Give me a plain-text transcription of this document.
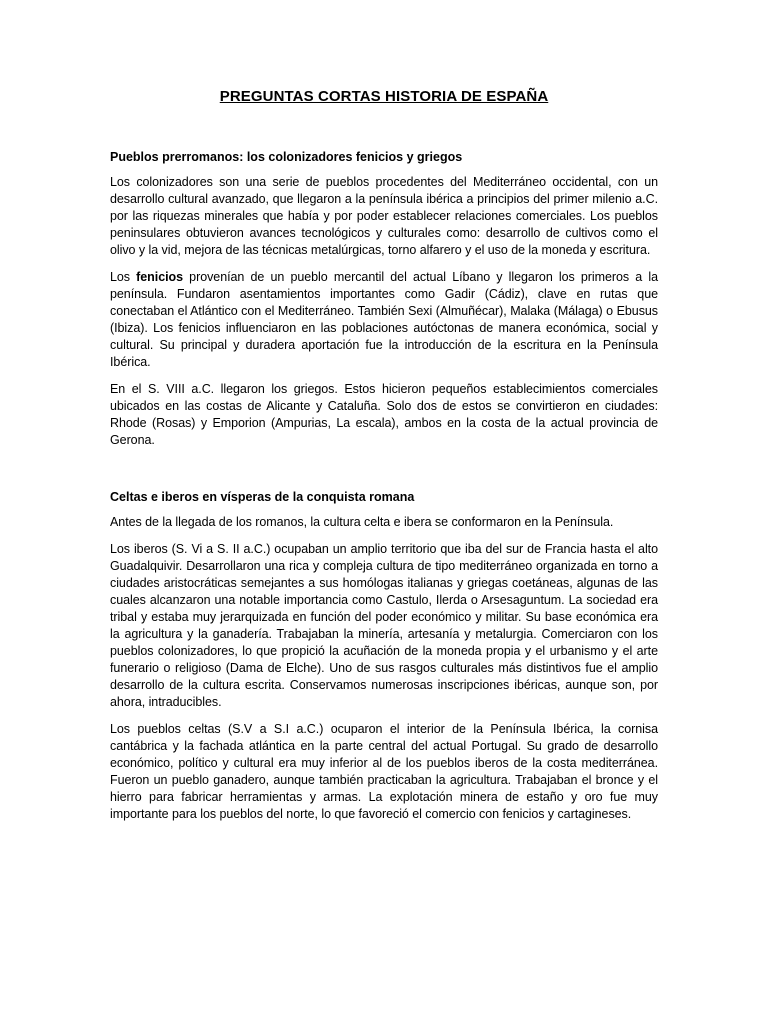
PREGUNTAS CORTAS HISTORIA DE ESPAÑA

Pueblos prerromanos: los colonizadores fenicios y griegos

Los colonizadores son una serie de pueblos procedentes del Mediterráneo occidental, con un desarrollo cultural avanzado, que llegaron a la península ibérica a principios del primer milenio a.C. por las riquezas minerales que había y por poder establecer relaciones comerciales. Los pueblos peninsulares obtuvieron avances tecnológicos y culturales como: desarrollo de cultivos como el olivo y la vid, mejora de las técnicas metalúrgicas, torno alfarero y el uso de la moneda y escritura.

Los fenicios provenían de un pueblo mercantil del actual Líbano y llegaron los primeros a la península. Fundaron asentamientos importantes como Gadir (Cádiz), clave en rutas que conectaban el Atlántico con el Mediterráneo. También Sexi (Almuñécar), Malaka (Málaga) o Ebusus (Ibiza). Los fenicios influenciaron en las poblaciones autóctonas de manera económica, social y cultural. Su principal y duradera aportación fue la introducción de la escritura en la Península Ibérica.

En el S. VIII a.C. llegaron los griegos. Estos hicieron pequeños establecimientos comerciales ubicados en las costas de Alicante y Cataluña. Solo dos de estos se convirtieron en ciudades: Rhode (Rosas) y Emporion (Ampurias, La escala), ambos en la costa de la actual provincia de Gerona.

Celtas e iberos en vísperas de la conquista romana

Antes de la llegada de los romanos, la cultura celta e ibera se conformaron en la Península.

Los iberos (S. Vi a S. II a.C.) ocupaban un amplio territorio que iba del sur de Francia hasta el alto Guadalquivir. Desarrollaron una rica y compleja cultura de tipo mediterráneo organizada en torno a ciudades aristocráticas semejantes a sus homólogas italianas y griegas coetáneas, algunas de las cuales alcanzaron una notable importancia como Castulo, Ilerda o Arsesaguntum. La sociedad era tribal y estaba muy jerarquizada en función del poder económico y militar. Su base económica era la agricultura y la ganadería. Trabajaban la minería, artesanía y metalurgia. Comerciaron con los pueblos colonizadores, lo que propició la acuñación de la moneda propia y el urbanismo y el arte funerario o religioso (Dama de Elche). Uno de sus rasgos culturales más distintivos fue el amplio desarrollo de la cultura escrita. Conservamos numerosas inscripciones ibéricas, aunque son, por ahora, intraducibles.

Los pueblos celtas (S.V a S.I a.C.) ocuparon el interior de la Península Ibérica, la cornisa cantábrica y la fachada atlántica en la parte central del actual Portugal. Su grado de desarrollo económico, político y cultural era muy inferior al de los pueblos iberos de la costa mediterránea. Fueron un pueblo ganadero, aunque también practicaban la agricultura. Trabajaban el bronce y el hierro para fabricar herramientas y armas. La explotación minera de estaño y oro fue muy importante para los pueblos del norte, lo que favoreció el comercio con fenicios y cartagineses.
